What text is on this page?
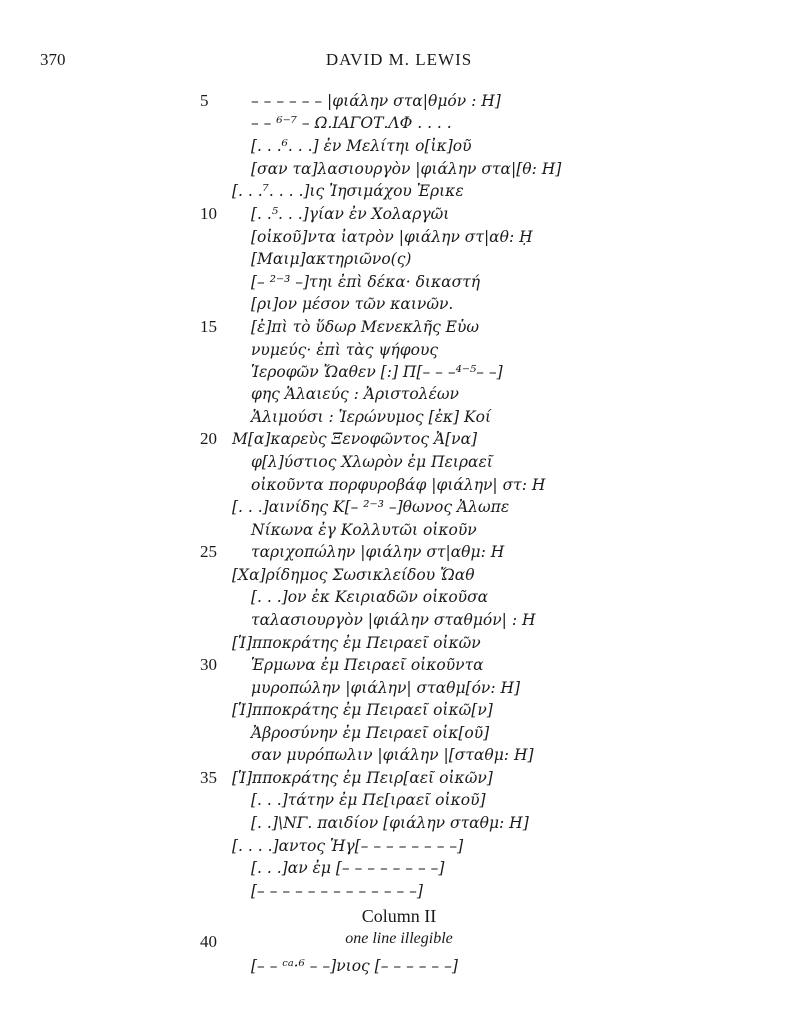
370	DAVID M. LEWIS
5
10
15
20
25
30
35
40
– – – – – – |φιάλην στα|θμόν : Η]
– – ⁶⁻⁷ – Ω.ΙΑΓΟΤ.ΛΦ . . . .
[. . .⁶. . .] ἐν Μελίτηι ο[ἰκ]οῦ
[σαν τα]λασιουργὸν |φιάλην στα|[θ: Η]
[. . .⁷. . . .]ις Ἰησιμάχου Ἐρικε
[. .⁵. . .]γίαν ἐν Χολαργῶι
[οἰκοῦ]ντα ἰατρὸν |φιάλην στ|αθ: Ḥ
[Μαιμ]ακτηριῶνο(ς)
[– ²⁻³ –]τηι ἐπὶ δέκα· δικαστή
[ρι]ον μέσον τῶν καινῶν.
[ἐ]πὶ τὸ ὕδωρ Μενεκλῆς Εὐω
νυμεύς· ἐπὶ τὰς ψήφους
Ἱεροφῶν Ὤαθεν [:] Π[– – –⁴⁻⁵– –]
φης Ἁλαιεύς : Ἀριστολέων
Ἁλιμούσι : Ἱερώνυμος [ἐκ] Κοί
Μ[α]καρεὺς Ξενοφῶντος Ἀ[να]
φ[λ]ύστιος Χλωρὸν ἐμ Πειραεῖ
οἰκοῦντα πορφυροβάφ |φιάλην| στ: Η
[. . .]αινίδης Κ[– ²⁻³ –]θωνος Ἀλωπε
Νίκωνα ἐγ Κολλυτῶι οἰκοῦν
ταριχοπώλην |φιάλην στ|αθμ: Η
[Χα]ρίδημος Σωσικλείδου Ὤαθ
[. . .]ον ἐκ Κειριαδῶν οἰκοῦσα
ταλασιουργὸν |φιάλην σταθμόν| : Η
[Ἱ]πποκράτης ἐμ Πειραεῖ οἰκῶν
Ἑρμωνα ἐμ Πειραεῖ οἰκοῦντα
μυροπώλην |φιάλην| σταθμ[όν: Η]
[Ἱ]πποκράτης ἐμ Πειραεῖ οἰκῶ[ν]
Ἀβροσύνην ἐμ Πειραεῖ οἰκ[οῦ]
σαν μυρόπωλιν |φιάλην |[σταθμ: Η]
[Ἱ]πποκράτης ἐμ Πειρ[αεῖ οἰκῶν]
[. . .]τάτην ἐμ Πε[ιραεῖ οἰκοῦ]
[. .]\ΝΓ. παιδίον [φιάλην σταθμ: Η]
[. . . .]αντος Ἡγ[– – – – – – – –]
[. . .]αν ἐμ [– – – – – – – –]
[– – – – – – – – – – – – –]
Column II
one line illegible
[– – ᶜᵃ·⁶ – –]νιος [– – – – – –]
